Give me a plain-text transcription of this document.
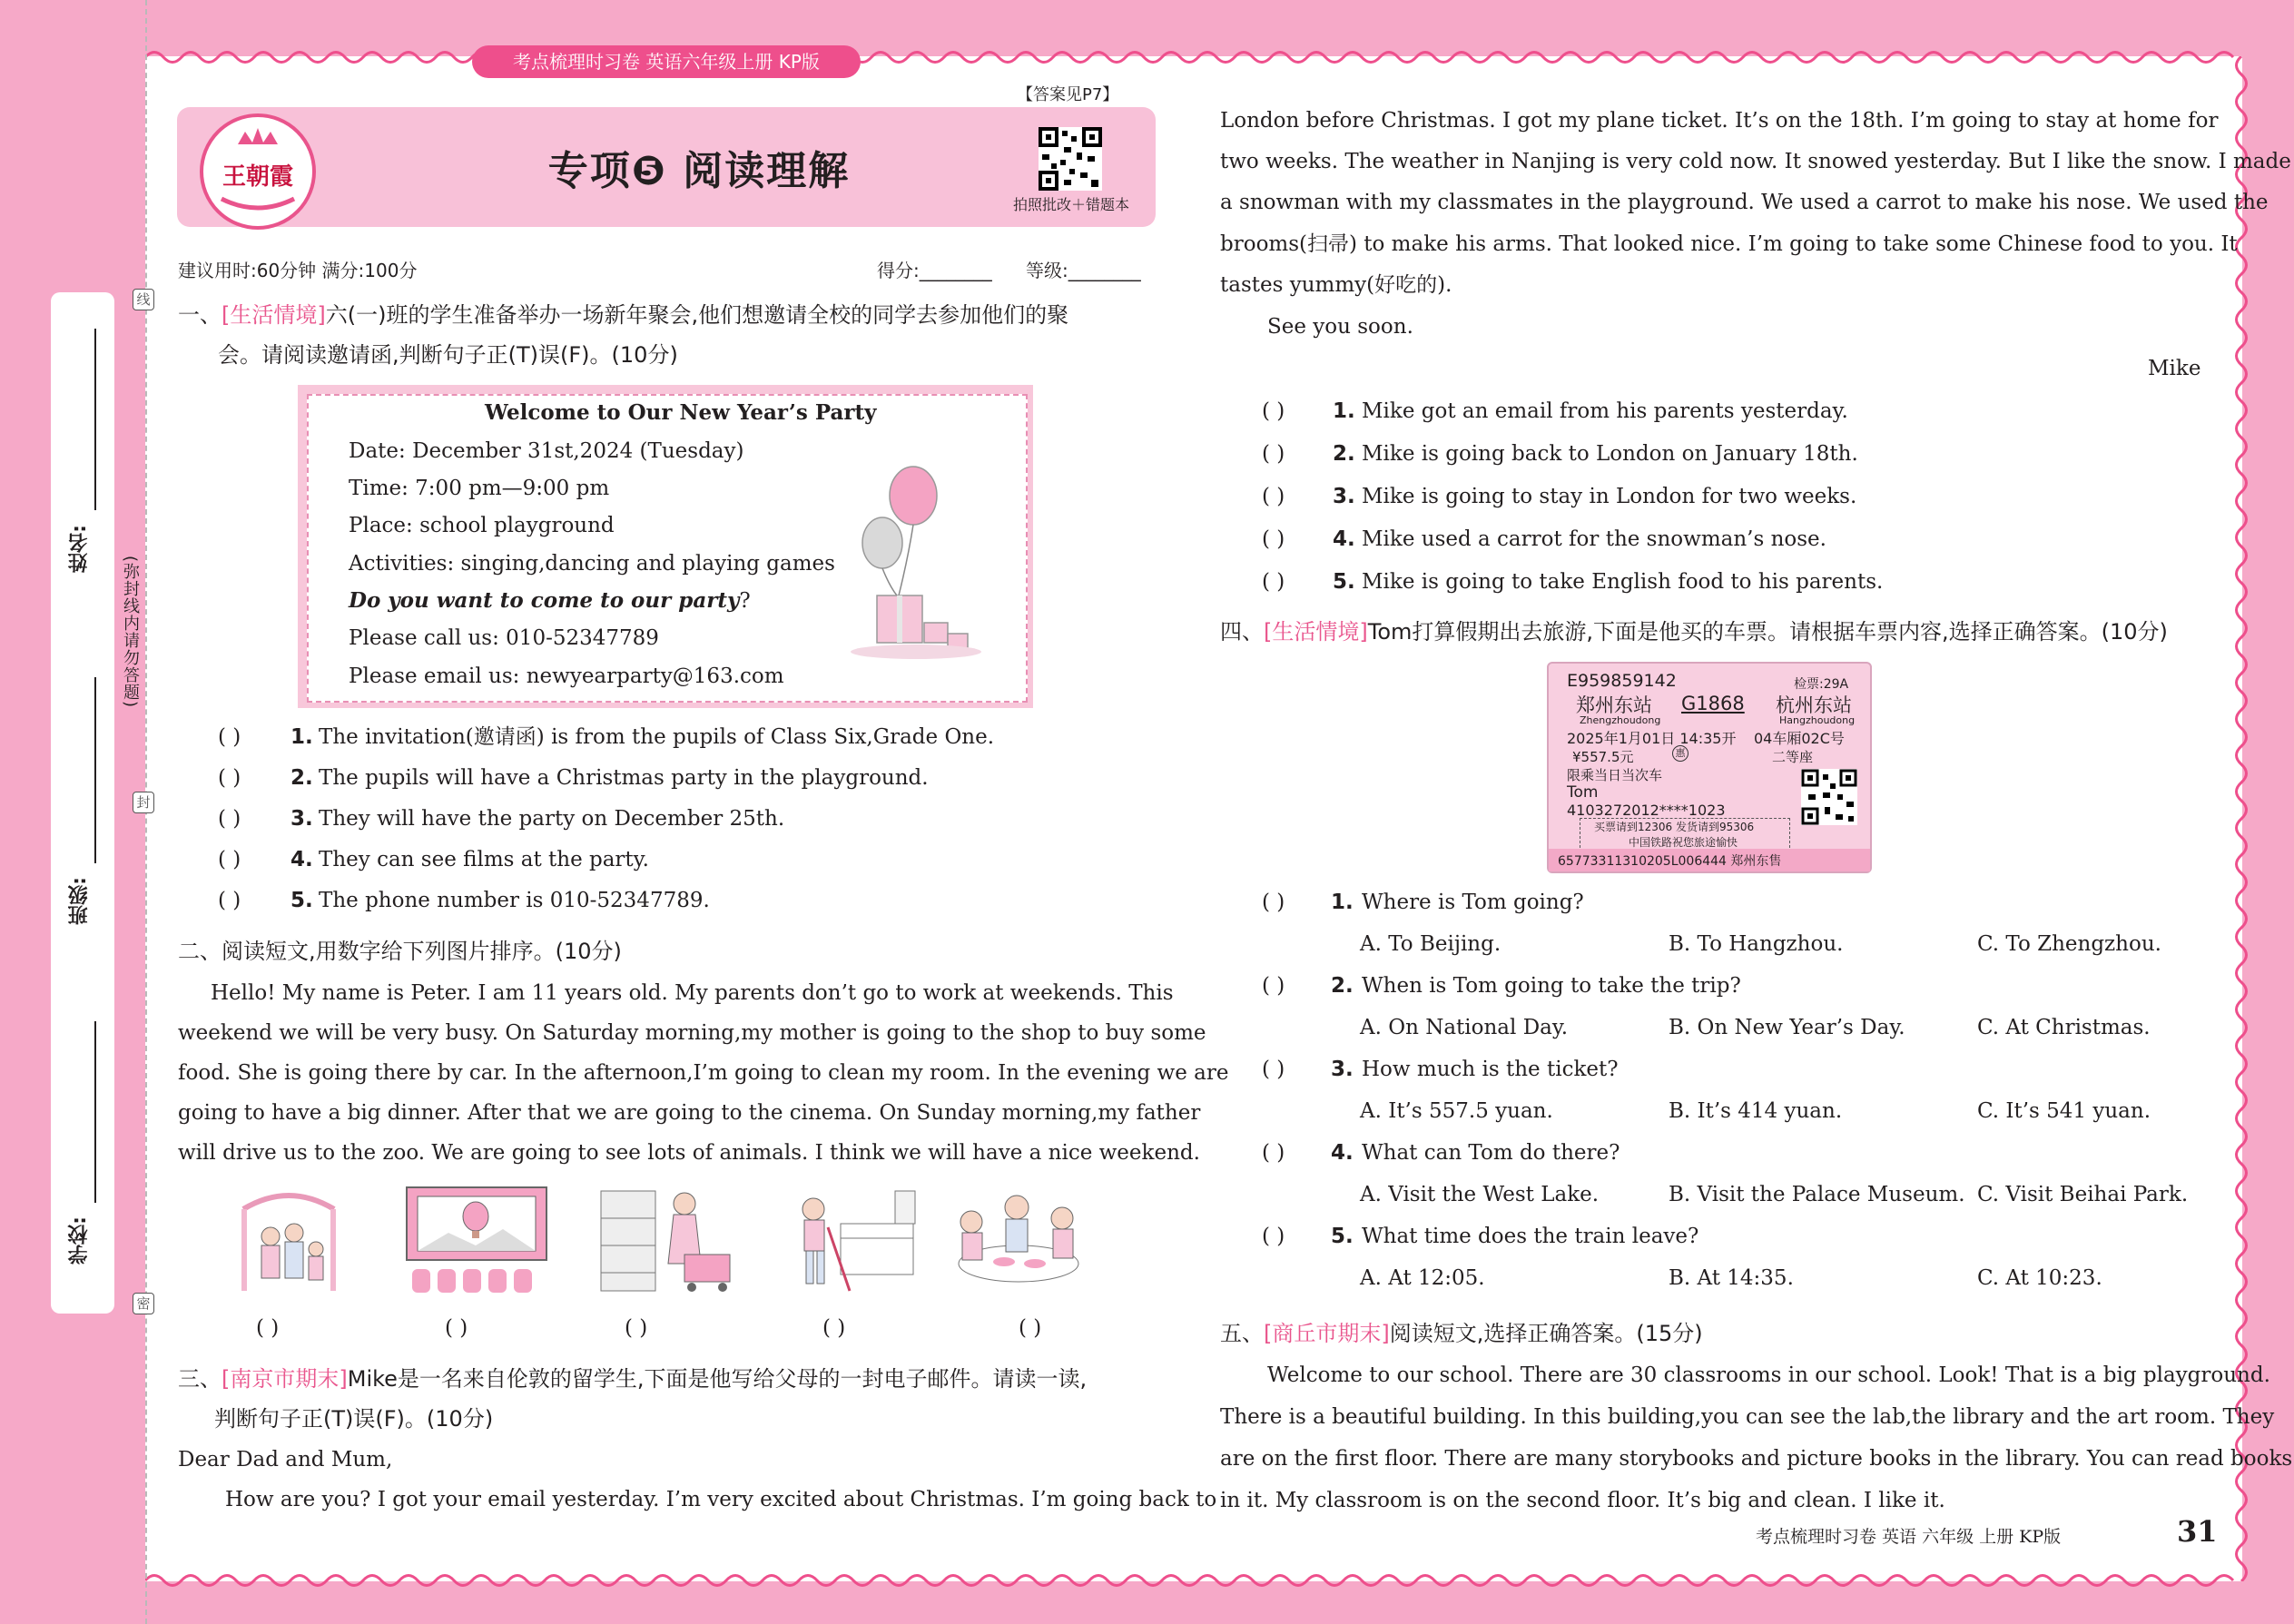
学校:
班级:
姓名:
(弥封线内请勿答题)
线
封
密
考点梳理时习卷 英语六年级上册 KP版
王朝霞	专项❺ 阅读理解
【答案见P7】
拍照批改＋错题本
建议用时:60分钟 满分:100分	得分:________ 等级:________
一、[生活情境]六(一)班的学生准备举办一场新年聚会,他们想邀请全校的同学去参加他们的聚
会。请阅读邀请函,判断句子正(T)误(F)。(10分)
Welcome to Our New Year’s Party
Date: December 31st,2024 (Tuesday)
Time: 7:00 pm—9:00 pm
Place: school playground
Activities: singing,dancing and playing games
Do you want to come to our party?
Please call us: 010-52347789
Please email us: newyearparty@163.com
( ) 1. The invitation(邀请函) is from the pupils of Class Six,Grade One.
( ) 2. The pupils will have a Christmas party in the playground.
( ) 3. They will have the party on December 25th.
( ) 4. They can see films at the party.
( ) 5. The phone number is 010-52347789.
二、阅读短文,用数字给下列图片排序。(10分)
Hello! My name is Peter. I am 11 years old. My parents don’t go to work at weekends. This
weekend we will be very busy. On Saturday morning,my mother is going to the shop to buy some
food. She is going there by car. In the afternoon,I’m going to clean my room. In the evening we are
going to have a big dinner. After that we are going to the cinema. On Sunday morning,my father
will drive us to the zoo. We are going to see lots of animals. I think we will have a nice weekend.
( )	( )	( )	( )	( )
三、[南京市期末]Mike是一名来自伦敦的留学生,下面是他写给父母的一封电子邮件。请读一读,
判断句子正(T)误(F)。(10分)
Dear Dad and Mum,
How are you? I got your email yesterday. I’m very excited about Christmas. I’m going back to
London before Christmas. I got my plane ticket. It’s on the 18th. I’m going to stay at home for
two weeks. The weather in Nanjing is very cold now. It snowed yesterday. But I like the snow. I made
a snowman with my classmates in the playground. We used a carrot to make his nose. We used the
brooms(扫帚) to make his arms. That looked nice. I’m going to take some Chinese food to you. It
tastes yummy(好吃的).
See you soon.
Mike
( ) 1. Mike got an email from his parents yesterday.
( ) 2. Mike is going back to London on January 18th.
( ) 3. Mike is going to stay in London for two weeks.
( ) 4. Mike used a carrot for the snowman’s nose.
( ) 5. Mike is going to take English food to his parents.
四、[生活情境]Tom打算假期出去旅游,下面是他买的车票。请根据车票内容,选择正确答案。(10分)
E959859142	检票:29A
郑州东站
Zhengzhoudong
G1868 杭州东站
Hangzhoudong
2025年1月01日 14:35开 04车厢02C号
¥557.5元	惠	二等座
限乘当日当次车
Tom
4103272012****1023
买票请到12306 发货请到95306
中国铁路祝您旅途愉快
65773311310205L006444 郑州东售
( ) 1. Where is Tom going?
A. To Beijing.	B. To Hangzhou.	C. To Zhengzhou.
( ) 2. When is Tom going to take the trip?
A. On National Day.	B. On New Year’s Day.	C. At Christmas.
( ) 3. How much is the ticket?
A. It’s 557.5 yuan.	B. It’s 414 yuan.	C. It’s 541 yuan.
( ) 4. What can Tom do there?
A. Visit the West Lake.	B. Visit the Palace Museum. C. Visit Beihai Park.
( ) 5. What time does the train leave?
A. At 12:05.	B. At 14:35.	C. At 10:23.
五、[商丘市期末]阅读短文,选择正确答案。(15分)
Welcome to our school. There are 30 classrooms in our school. Look! That is a big playground.
There is a beautiful building. In this building,you can see the lab,the library and the art room. They
are on the first floor. There are many storybooks and picture books in the library. You can read books
in it. My classroom is on the second floor. It’s big and clean. I like it.
考点梳理时习卷 英语 六年级 上册 KP版	31
